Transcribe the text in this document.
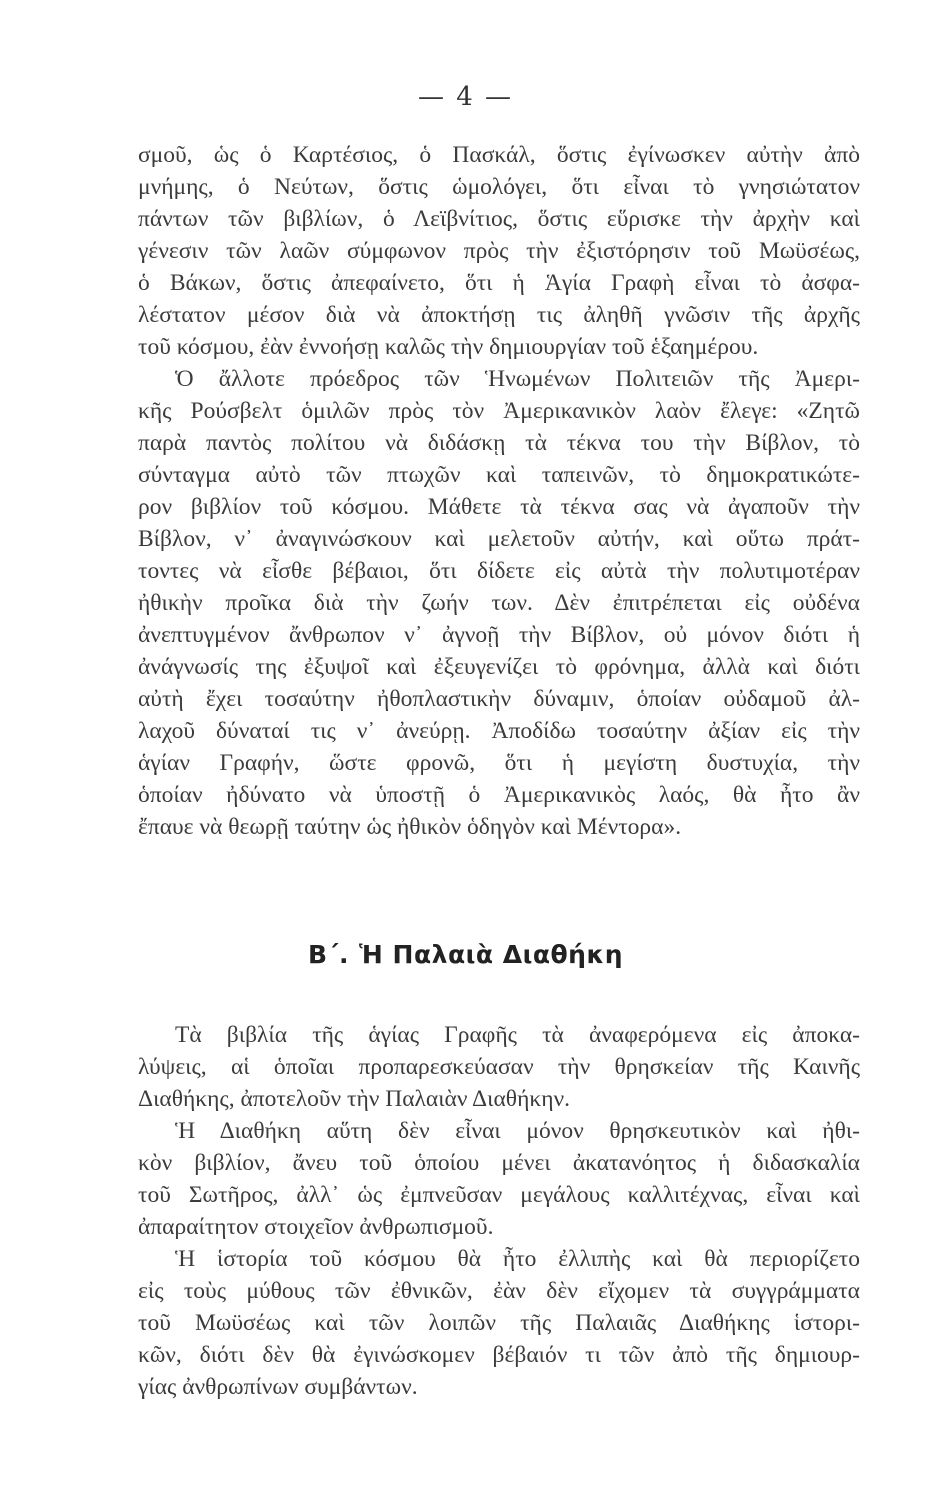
— 4 —
σμοῦ, ὡς ὁ Καρτέσιος, ὁ Πασκάλ, ὅστις ἐγίνωσκεν αὐτὴν ἀπὸ
μνήμης, ὁ Νεύτων, ὅστις ὡμολόγει, ὅτι εἶναι τὸ γνησιώτατον
πάντων τῶν βιβλίων, ὁ Λεϊβνίτιος, ὅστις εὕρισκε τὴν ἀρχὴν καὶ
γένεσιν τῶν λαῶν σύμφωνον πρὸς τὴν ἐξιστόρησιν τοῦ Μωϋσέως,
ὁ Βάκων, ὅστις ἀπεφαίνετο, ὅτι ἡ Ἁγία Γραφὴ εἶναι τὸ ἀσφα-
λέστατον μέσον διὰ νὰ ἀποκτήσῃ τις ἀληθῆ γνῶσιν τῆς ἀρχῆς
τοῦ κόσμου, ἐὰν ἐννοήσῃ καλῶς τὴν δημιουργίαν τοῦ ἑξαημέρου.
Ὁ ἄλλοτε πρόεδρος τῶν Ἡνωμένων Πολιτειῶν τῆς Ἀμερι-
κῆς Ρούσβελτ ὁμιλῶν πρὸς τὸν Ἀμερικανικὸν λαὸν ἔλεγε: «Ζητῶ
παρὰ παντὸς πολίτου νὰ διδάσκῃ τὰ τέκνα του τὴν Βίβλον, τὸ
σύνταγμα αὐτὸ τῶν πτωχῶν καὶ ταπεινῶν, τὸ δημοκρατικώτε-
ρον βιβλίον τοῦ κόσμου. Μάθετε τὰ τέκνα σας νὰ ἀγαποῦν τὴν
Βίβλον, ν᾽ ἀναγινώσκουν καὶ μελετοῦν αὐτήν, καὶ οὕτω πράτ-
τοντες νὰ εἶσθε βέβαιοι, ὅτι δίδετε εἰς αὐτὰ τὴν πολυτιμοτέραν
ἠθικὴν προῖκα διὰ τὴν ζωήν των. Δὲν ἐπιτρέπεται εἰς οὐδένα
ἀνεπτυγμένον ἄνθρωπον ν᾽ ἀγνοῇ τὴν Βίβλον, οὐ μόνον διότι ἡ
ἀνάγνωσίς της ἐξυψοῖ καὶ ἐξευγενίζει τὸ φρόνημα, ἀλλὰ καὶ διότι
αὐτὴ ἔχει τοσαύτην ἠθοπλαστικὴν δύναμιν, ὁποίαν οὐδαμοῦ ἀλ-
λαχοῦ δύναταί τις ν᾽ ἀνεύρῃ. Ἀποδίδω τοσαύτην ἀξίαν εἰς τὴν
ἁγίαν Γραφήν, ὥστε φρονῶ, ὅτι ἡ μεγίστη δυστυχία, τὴν
ὁποίαν ἠδύνατο νὰ ὑποστῇ ὁ Ἀμερικανικὸς λαός, θὰ ἦτο ἂν
ἔπαυε νὰ θεωρῇ ταύτην ὡς ἠθικὸν ὁδηγὸν καὶ Μέντορα».
Β΄. Ἡ Παλαιὰ Διαθήκη
Τὰ βιβλία τῆς ἁγίας Γραφῆς τὰ ἀναφερόμενα εἰς ἀποκα-
λύψεις, αἱ ὁποῖαι προπαρεσκεύασαν τὴν θρησκείαν τῆς Καινῆς
Διαθήκης, ἀποτελοῦν τὴν Παλαιὰν Διαθήκην.
Ἡ Διαθήκη αὕτη δὲν εἶναι μόνον θρησκευτικὸν καὶ ἠθι-
κὸν βιβλίον, ἄνευ τοῦ ὁποίου μένει ἀκατανόητος ἡ διδασκαλία
τοῦ Σωτῆρος, ἀλλ᾽ ὡς ἐμπνεῦσαν μεγάλους καλλιτέχνας, εἶναι καὶ
ἀπαραίτητον στοιχεῖον ἀνθρωπισμοῦ.
Ἡ ἱστορία τοῦ κόσμου θὰ ἦτο ἐλλιπὴς καὶ θὰ περιορίζετο
εἰς τοὺς μύθους τῶν ἐθνικῶν, ἐὰν δὲν εἴχομεν τὰ συγγράμματα
τοῦ Μωϋσέως καὶ τῶν λοιπῶν τῆς Παλαιᾶς Διαθήκης ἱστορι-
κῶν, διότι δὲν θὰ ἐγινώσκομεν βέβαιόν τι τῶν ἀπὸ τῆς δημιουρ-
γίας ἀνθρωπίνων συμβάντων.
